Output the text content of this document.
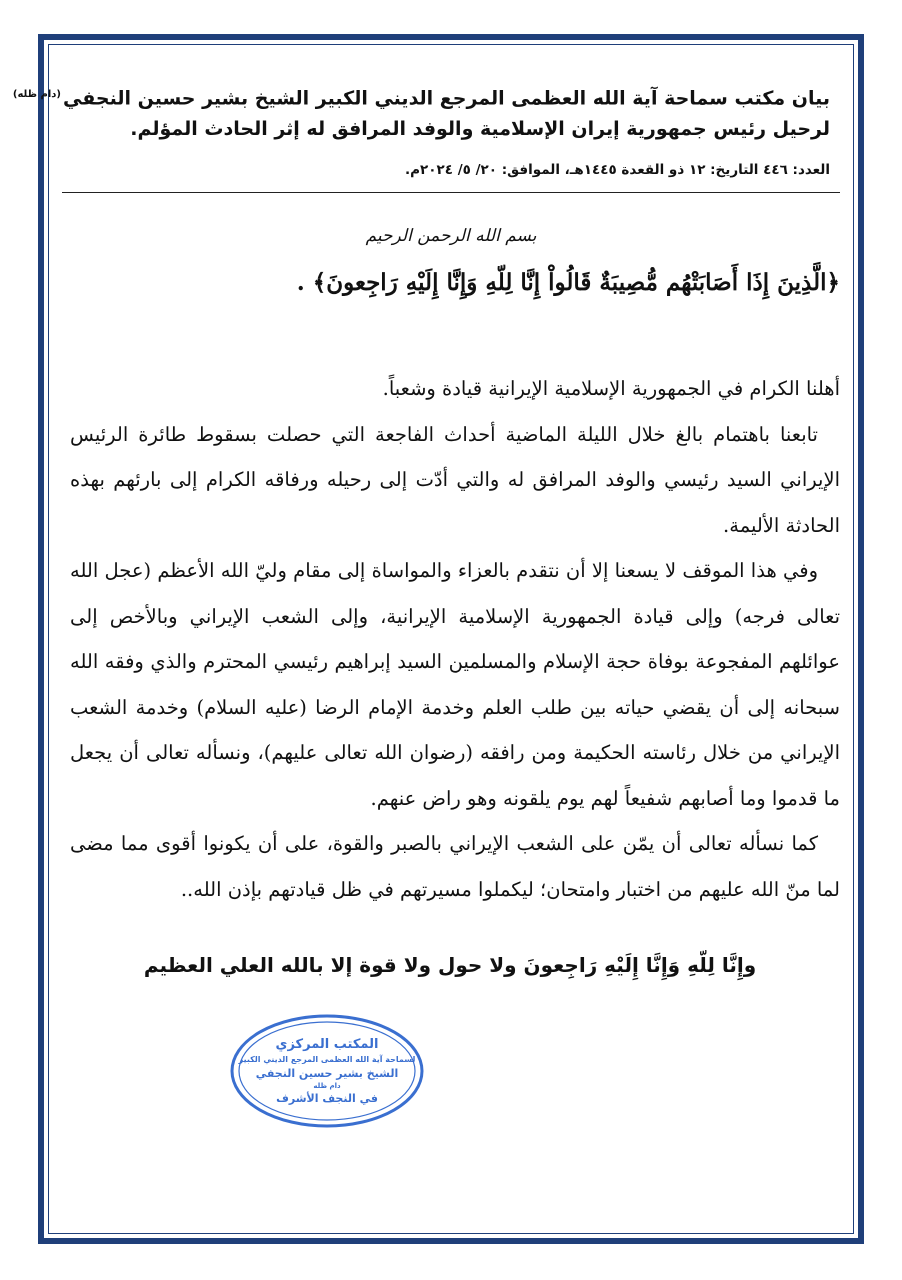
بيان مكتب سماحة آية الله العظمى المرجع الديني الكبير الشيخ بشير حسين النجفي$^{(دام ظله)}$
لرحيل رئيس جمهورية إيران الإسلامية والوفد المرافق له إثر الحادث المؤلم.
العدد: ٤٤٦ التاريخ: ١٢ ذو القعدة ١٤٤٥هـ، الموافق: ٢٠/ ٥/ ٢٠٢٤م.
بسم الله الرحمن الرحيم
﴿الَّذِينَ إِذَا أَصَابَتْهُم مُّصِيبَةٌ قَالُواْ إِنَّا لِلّهِ وَإِنَّا إِلَيْهِ رَاجِعونَ﴾ .

أهلنا الكرام في الجمهورية الإسلامية الإيرانية قيادة وشعباً.

تابعنا باهتمام بالغ خلال الليلة الماضية أحداث الفاجعة التي حصلت بسقوط طائرة الرئيس الإيراني السيد رئيسي والوفد المرافق له والتي أدّت إلى رحيله ورفاقه الكرام إلى بارئهم بهذه الحادثة الأليمة.

وفي هذا الموقف لا يسعنا إلا أن نتقدم بالعزاء والمواساة إلى مقام وليّ الله الأعظم (عجل الله تعالى فرجه) وإلى قيادة الجمهورية الإسلامية الإيرانية، وإلى الشعب الإيراني وبالأخص إلى عوائلهم المفجوعة بوفاة حجة الإسلام والمسلمين السيد إبراهيم رئيسي المحترم والذي وفقه الله سبحانه إلى أن يقضي حياته بين طلب العلم وخدمة الإمام الرضا (عليه السلام) وخدمة الشعب الإيراني من خلال رئاسته الحكيمة ومن رافقه (رضوان الله تعالى عليهم)، ونسأله تعالى أن يجعل ما قدموا وما أصابهم شفيعاً لهم يوم يلقونه وهو راض عنهم.

كما نسأله تعالى أن يمّن على الشعب الإيراني بالصبر والقوة، على أن يكونوا أقوى مما مضى لما منّ الله عليهم من اختبار وامتحان؛ ليكملوا مسيرتهم في ظل قيادتهم بإذن الله..

وإِنَّا لِلّهِ وَإِنَّا إِلَيْهِ رَاجِعونَ ولا حول ولا قوة إلا بالله العلي العظيم
المكتب المركزي
لسماحة آية الله العظمى المرجع الديني الكبير
الشيخ بشير حسين النجفي
دام ظله
في النجف الأشرف
